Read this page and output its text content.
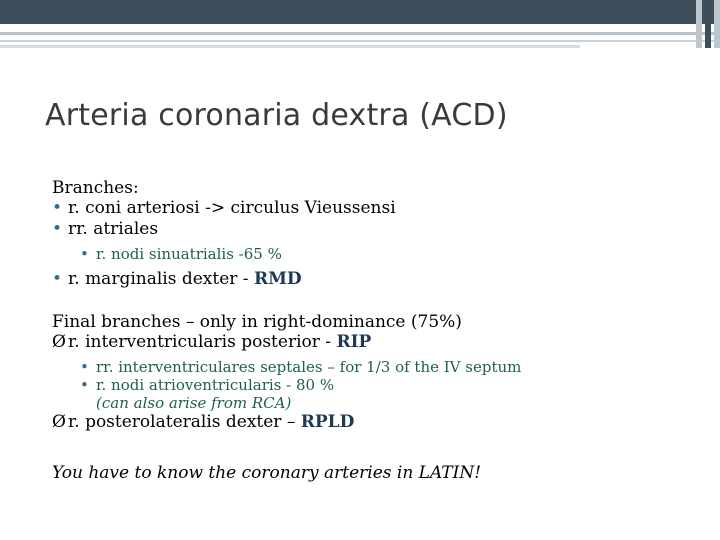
Arteria coronaria dextra (ACD)
Branches:
• r. coni arteriosi -> circulus Vieussensi
• rr. atriales
• r. nodi sinuatrialis -65 %
• r. marginalis dexter - RMD
Final branches – only in right-dominance (75%)
Ø r. interventricularis posterior - RIP
• rr. interventriculares septales – for 1/3 of the IV septum
• r. nodi atrioventricularis - 80 %
(can also arise from RCA)
Ø r. posterolateralis dexter – RPLD
You have to know the coronary arteries in LATIN!
